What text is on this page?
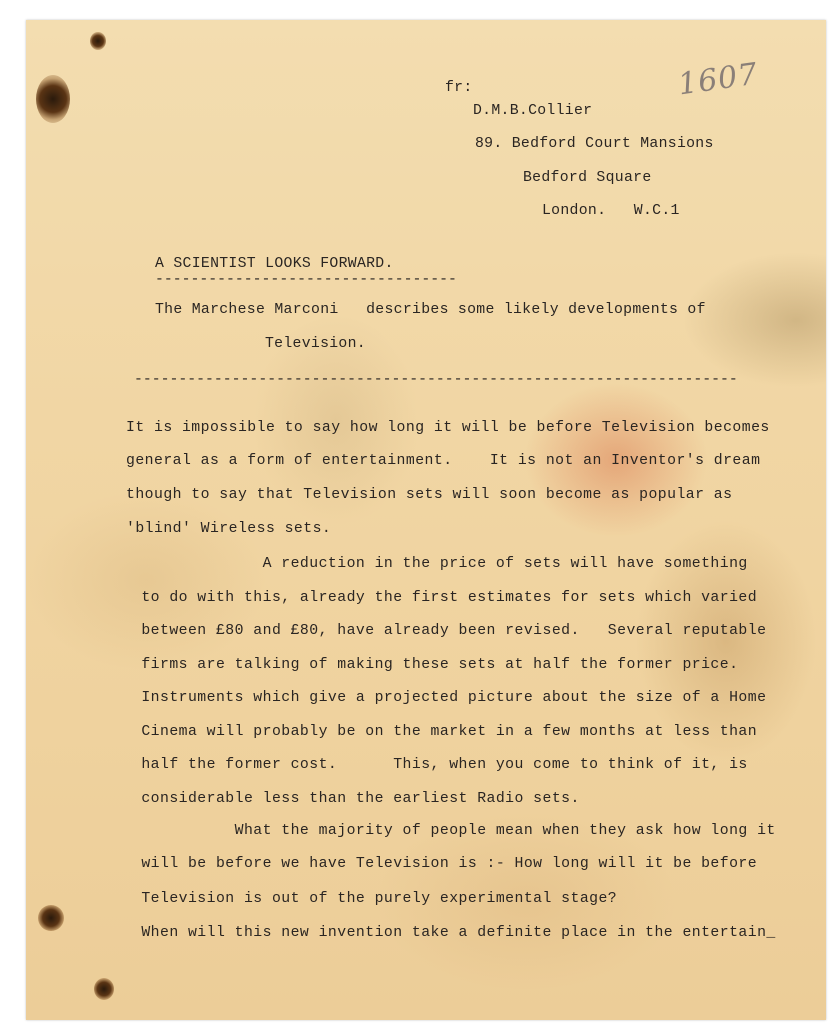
1607
fr:
D.M.B.Collier
89. Bedford Court Mansions
Bedford Square
London.   W.C.1
A SCIENTIST LOOKS FORWARD.
----------------------------------
The Marchese Marconi   describes some likely developments of
Television.
--------------------------------------------------------------------
It is impossible to say how long it will be before Television becomes
general as a form of entertainment.    It is not an Inventor's dream
though to say that Television sets will soon become as popular as
'blind' Wireless sets.
A reduction in the price of sets will have something
to do with this, already the first estimates for sets which varied
between £80 and £80, have already been revised.   Several reputable
firms are talking of making these sets at half the former price.
Instruments which give a projected picture about the size of a Home
Cinema will probably be on the market in a few months at less than
half the former cost.      This, when you come to think of it, is
considerable less than the earliest Radio sets.
What the majority of people mean when they ask how long it
will be before we have Television is :- How long will it be before
Television is out of the purely experimental stage?
When will this new invention take a definite place in the entertain_
